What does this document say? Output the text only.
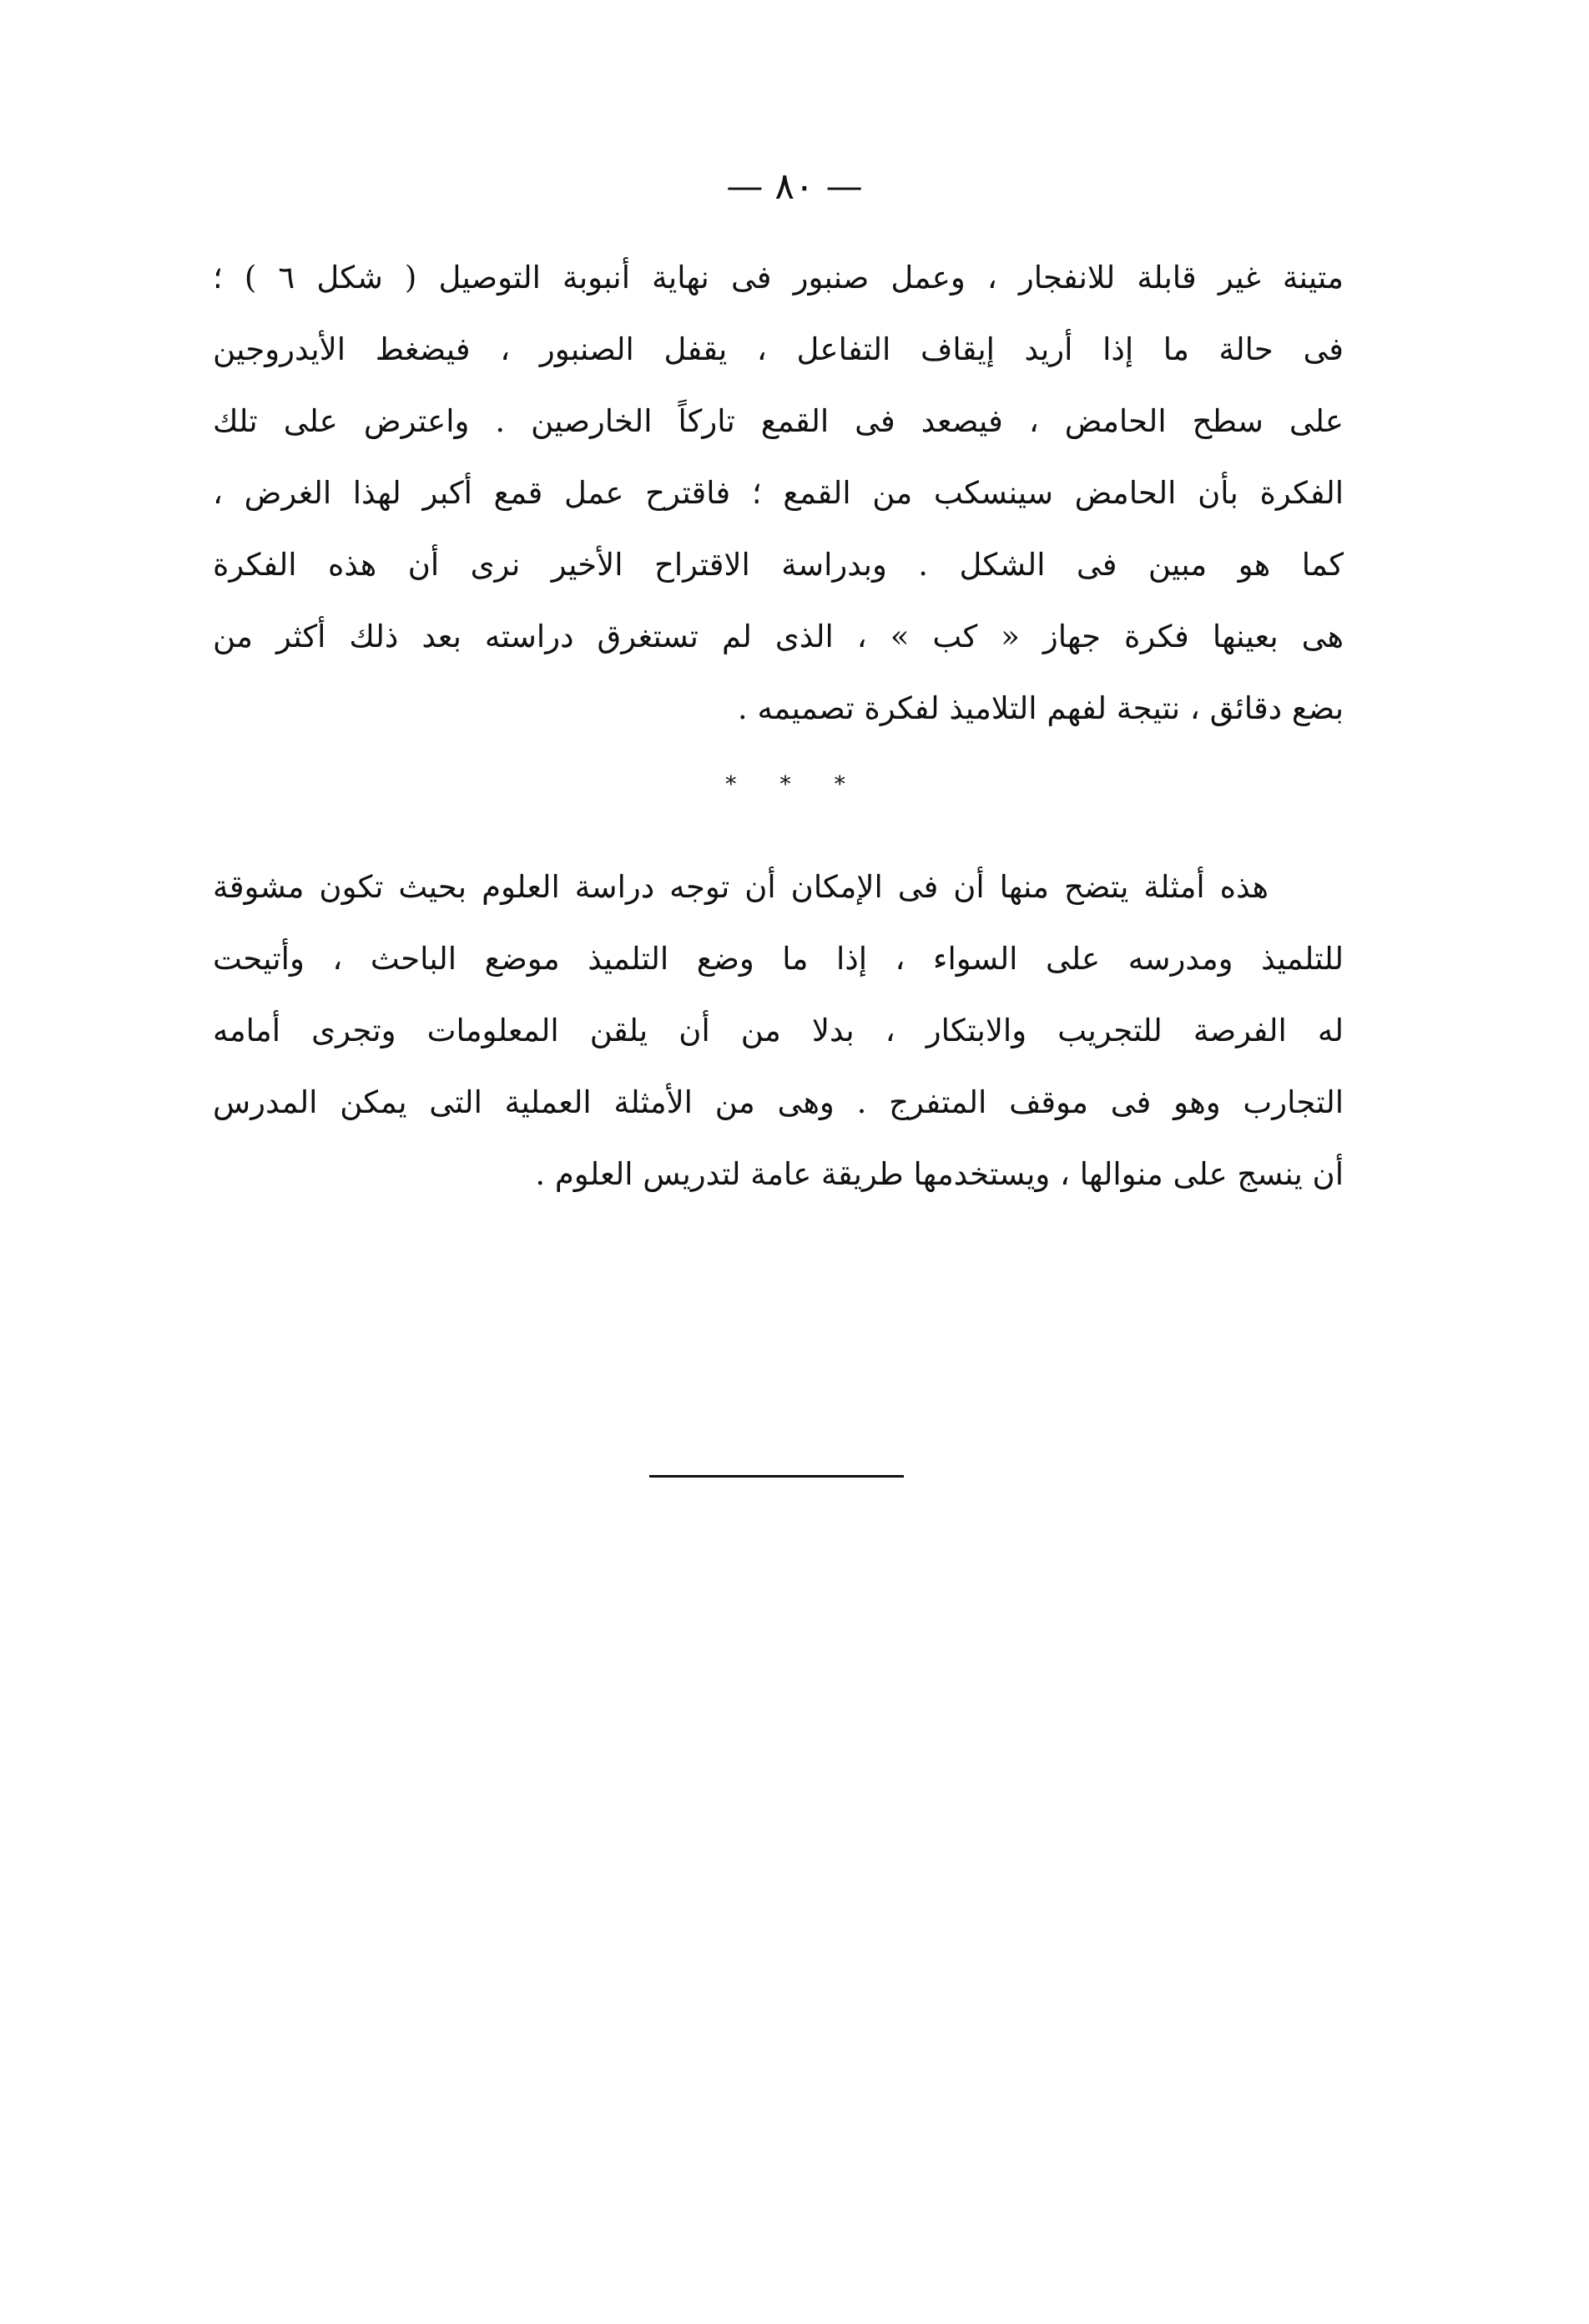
— ٨٠ —
متينة غير قابلة للانفجار ، وعمل صنبور فى نهاية أنبوبة التوصيل ( شكل ٦ ) ؛
فى حالة ما إذا أريد إيقاف التفاعل ، يقفل الصنبور ، فيضغط الأيدروجين
على سطح الحامض ، فيصعد فى القمع تاركاً الخارصين . واعترض على تلك
الفكرة بأن الحامض سينسكب من القمع ؛ فاقترح عمل قمع أكبر لهذا الغرض ،
كما هو مبين فى الشكل . وبدراسة الاقتراح الأخير نرى أن هذه الفكرة
هى بعينها فكرة جهاز « كب » ، الذى لم تستغرق دراسته بعد ذلك أكثر من
بضع دقائق ، نتيجة لفهم التلاميذ لفكرة تصميمه .
* * *
هذه أمثلة يتضح منها أن فى الإمكان أن توجه دراسة العلوم بحيث تكون مشوقة
للتلميذ ومدرسه على السواء ، إذا ما وضع التلميذ موضع الباحث ، وأتيحت
له الفرصة للتجريب والابتكار ، بدلا من أن يلقن المعلومات وتجرى أمامه
التجارب وهو فى موقف المتفرج . وهى من الأمثلة العملية التى يمكن المدرس
أن ينسج على منوالها ، ويستخدمها طريقة عامة لتدريس العلوم .
